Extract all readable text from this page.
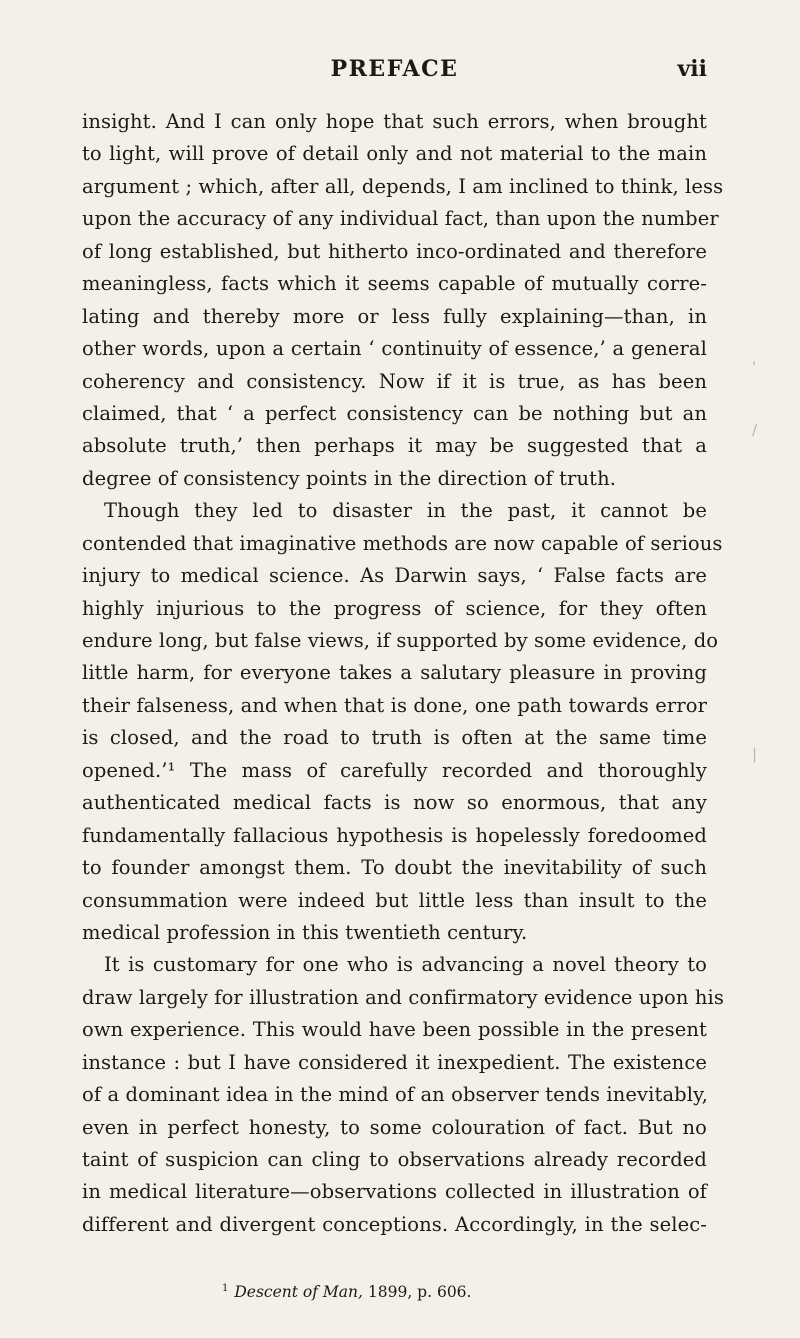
PREFACE	vii
insight. And I can only hope that such errors, when brought
to light, will prove of detail only and not material to the main
argument ; which, after all, depends, I am inclined to think, less
upon the accuracy of any individual fact, than upon the number
of long established, but hitherto inco-ordinated and therefore
meaningless, facts which it seems capable of mutually corre-
lating and thereby more or less fully explaining—than, in
other words, upon a certain ‘ continuity of essence,’ a general
coherency and consistency. Now if it is true, as has been
claimed, that ‘ a perfect consistency can be nothing but an
absolute truth,’ then perhaps it may be suggested that a
degree of consistency points in the direction of truth.
Though they led to disaster in the past, it cannot be
contended that imaginative methods are now capable of serious
injury to medical science. As Darwin says, ‘ False facts are
highly injurious to the progress of science, for they often
endure long, but false views, if supported by some evidence, do
little harm, for everyone takes a salutary pleasure in proving
their falseness, and when that is done, one path towards error
is closed, and the road to truth is often at the same time
opened.’¹ The mass of carefully recorded and thoroughly
authenticated medical facts is now so enormous, that any
fundamentally fallacious hypothesis is hopelessly foredoomed
to founder amongst them. To doubt the inevitability of such
consummation were indeed but little less than insult to the
medical profession in this twentieth century.
It is customary for one who is advancing a novel theory to
draw largely for illustration and confirmatory evidence upon his
own experience. This would have been possible in the present
instance : but I have considered it inexpedient. The existence
of a dominant idea in the mind of an observer tends inevitably,
even in perfect honesty, to some colouration of fact. But no
taint of suspicion can cling to observations already recorded
in medical literature—observations collected in illustration of
different and divergent conceptions. Accordingly, in the selec-
'
/
|
$^1$ Descent of Man, 1899, p. 606.
